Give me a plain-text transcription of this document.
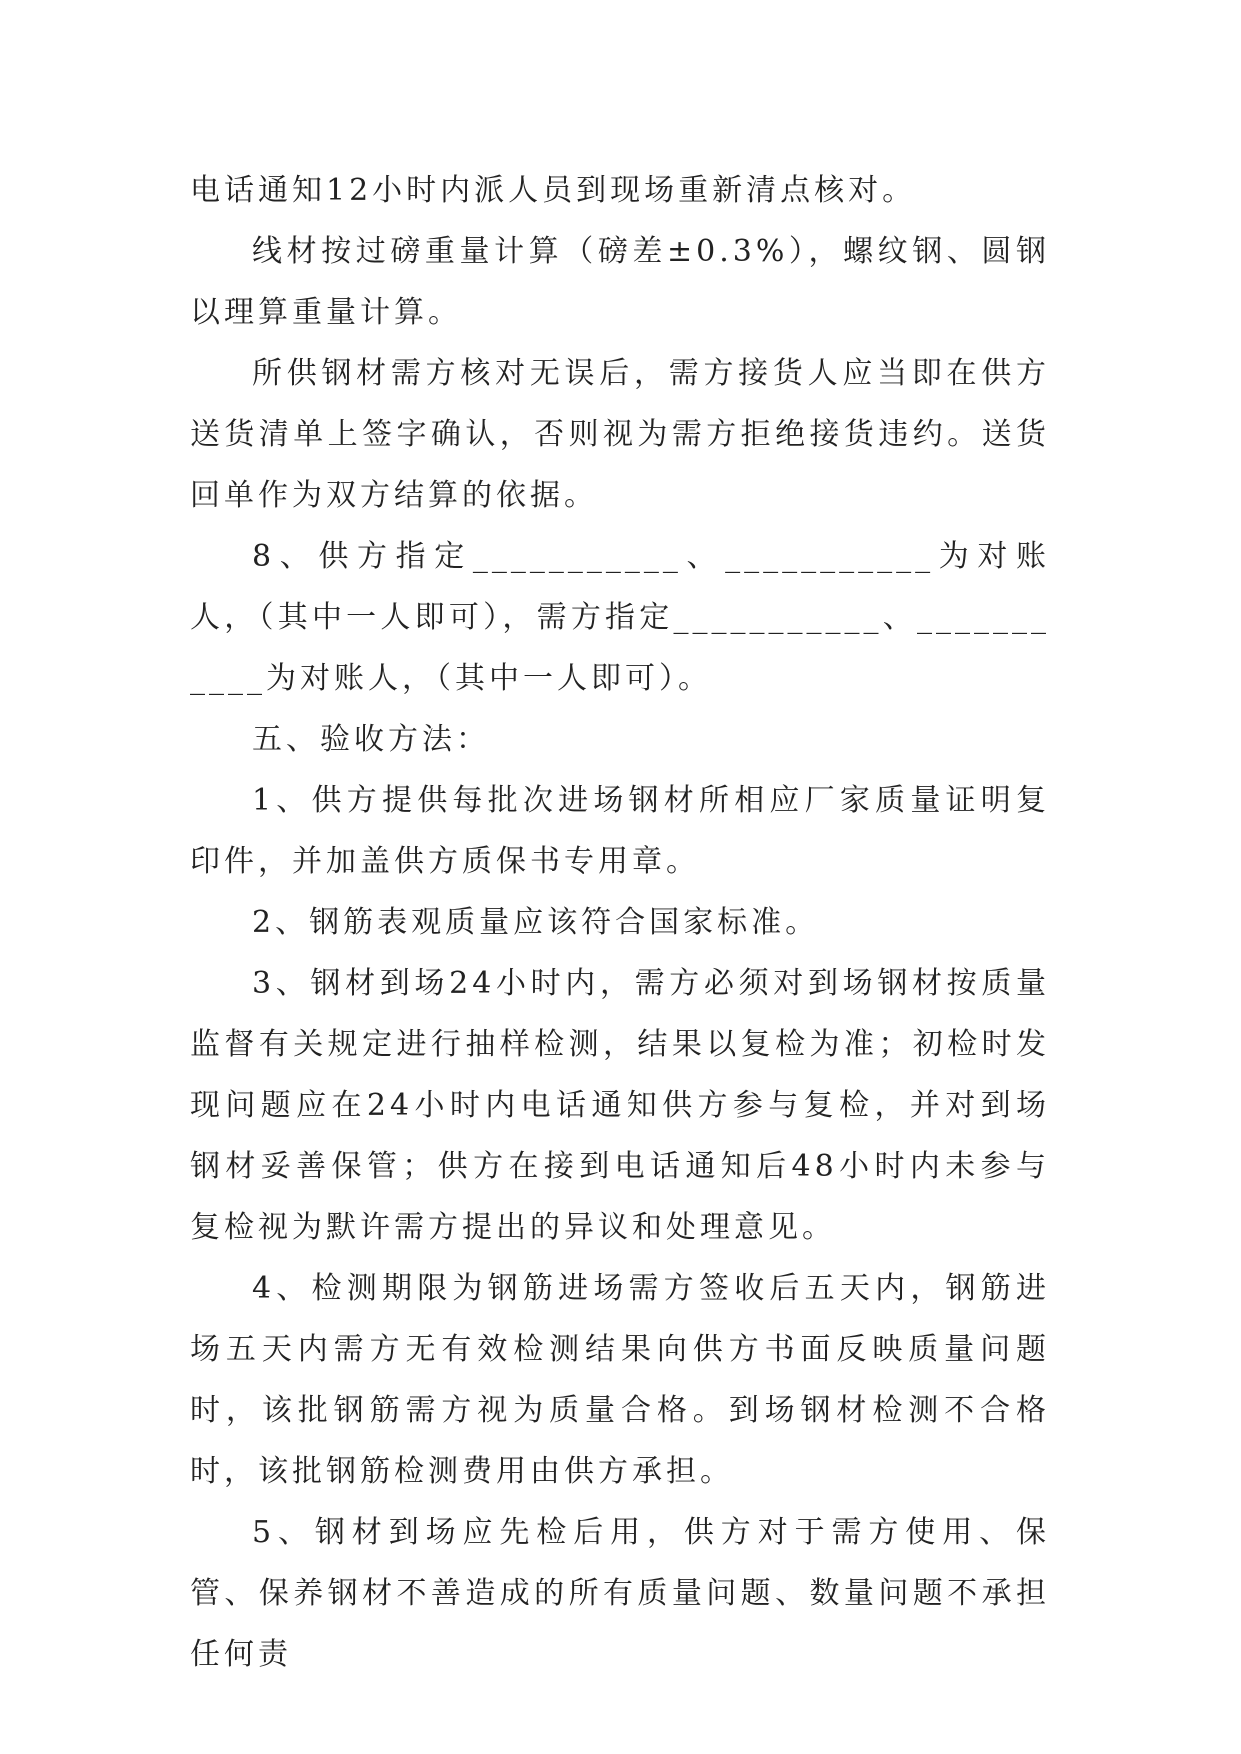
电话通知12小时内派人员到现场重新清点核对。

线材按过磅重量计算（磅差±0.3%），螺纹钢、圆钢以理算重量计算。

所供钢材需方核对无误后，需方接货人应当即在供方送货清单上签字确认，否则视为需方拒绝接货违约。送货回单作为双方结算的依据。

8、供方指定___________、___________为对账人，（其中一人即可），需方指定___________、___________为对账人，（其中一人即可）。

五、验收方法：

1、供方提供每批次进场钢材所相应厂家质量证明复印件，并加盖供方质保书专用章。

2、钢筋表观质量应该符合国家标准。

3、钢材到场24小时内，需方必须对到场钢材按质量监督有关规定进行抽样检测，结果以复检为准；初检时发现问题应在24小时内电话通知供方参与复检，并对到场钢材妥善保管；供方在接到电话通知后48小时内未参与复检视为默许需方提出的异议和处理意见。

4、检测期限为钢筋进场需方签收后五天内，钢筋进场五天内需方无有效检测结果向供方书面反映质量问题时，该批钢筋需方视为质量合格。到场钢材检测不合格时，该批钢筋检测费用由供方承担。

5、钢材到场应先检后用，供方对于需方使用、保管、保养钢材不善造成的所有质量问题、数量问题不承担任何责
